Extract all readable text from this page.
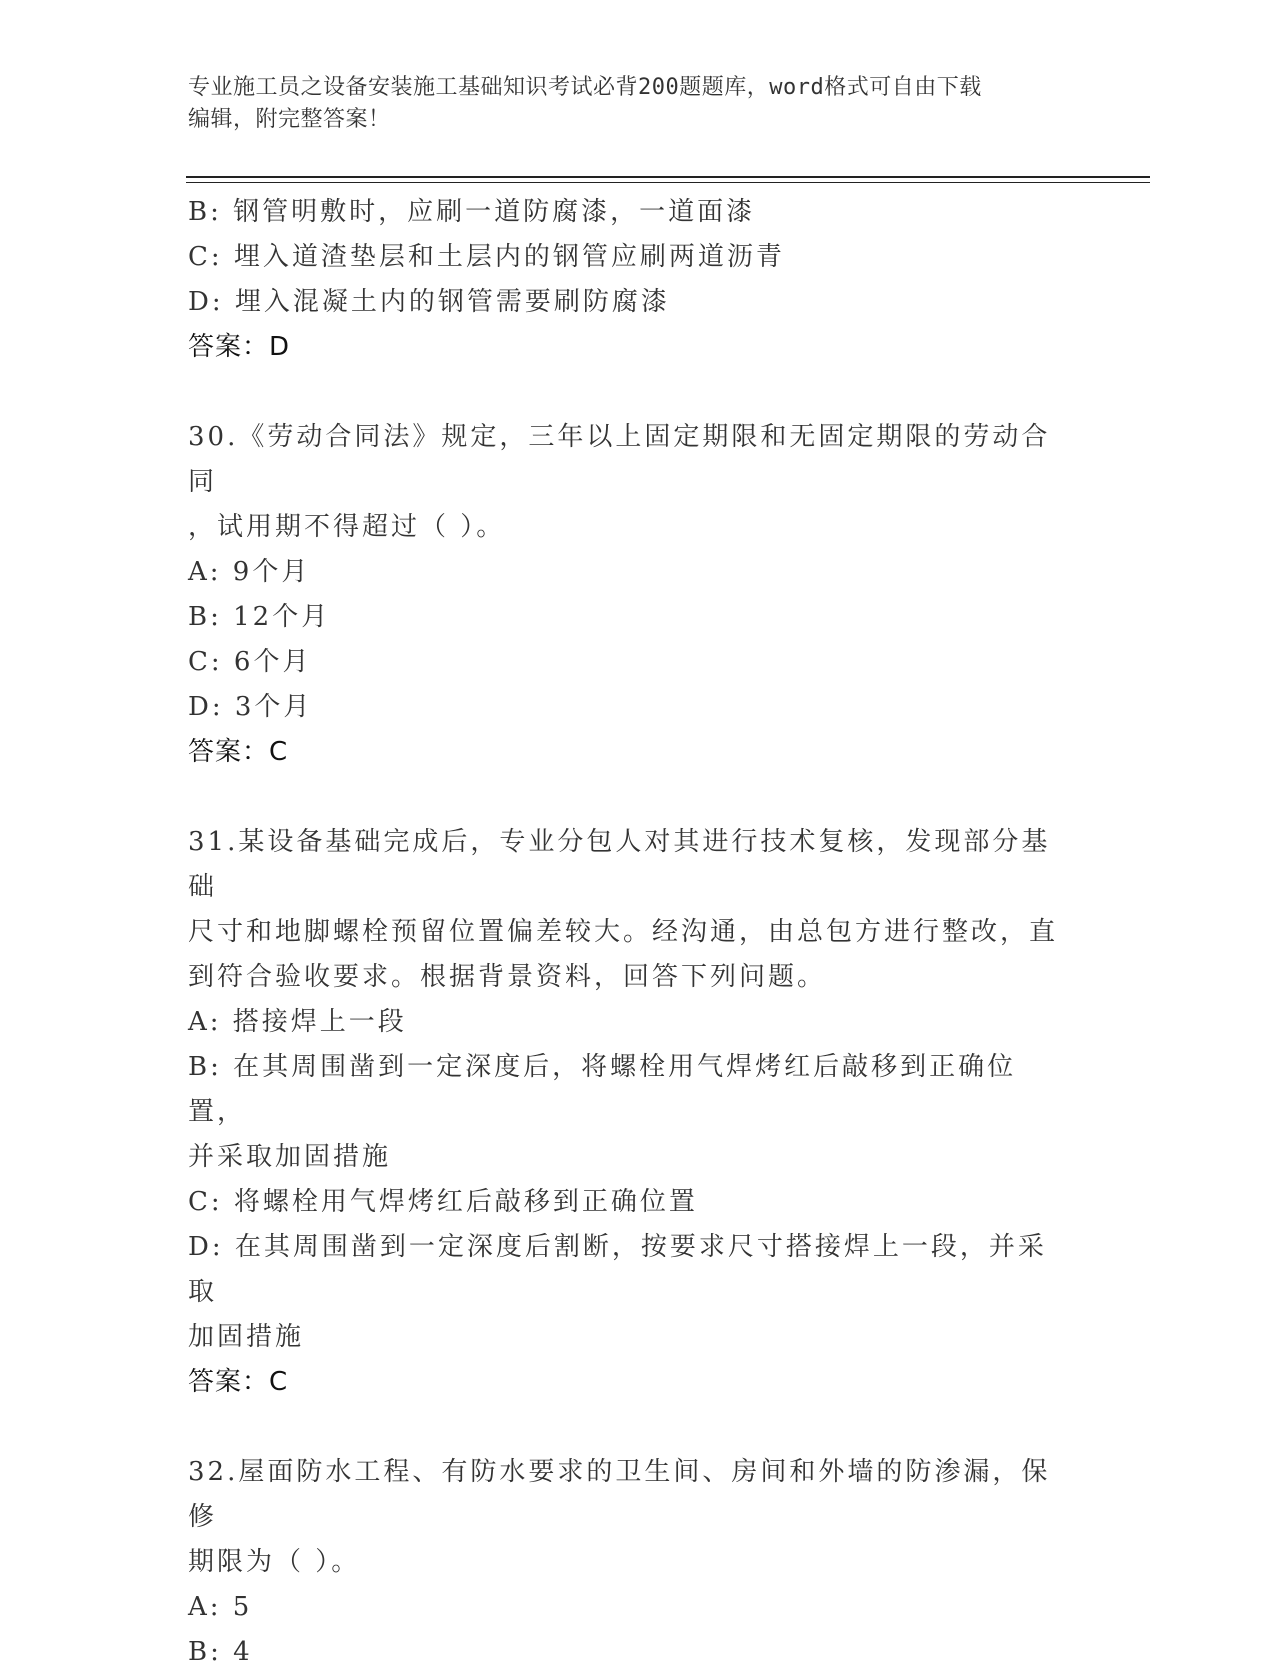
专业施工员之设备安装施工基础知识考试必背200题题库，word格式可自由下载
编辑，附完整答案！
B: 钢管明敷时，应刷一道防腐漆，一道面漆
C: 埋入道渣垫层和土层内的钢管应刷两道沥青
D: 埋入混凝土内的钢管需要刷防腐漆
答案：D
30.《劳动合同法》规定，三年以上固定期限和无固定期限的劳动合同
，试用期不得超过（ ）。
A: 9个月
B: 12个月
C: 6个月
D: 3个月
答案：C
31.某设备基础完成后，专业分包人对其进行技术复核，发现部分基础
尺寸和地脚螺栓预留位置偏差较大。经沟通，由总包方进行整改，直
到符合验收要求。根据背景资料，回答下列问题。
A: 搭接焊上一段
B: 在其周围凿到一定深度后，将螺栓用气焊烤红后敲移到正确位置，
并采取加固措施
C: 将螺栓用气焊烤红后敲移到正确位置
D: 在其周围凿到一定深度后割断，按要求尺寸搭接焊上一段，并采取
加固措施
答案：C
32.屋面防水工程、有防水要求的卫生间、房间和外墙的防渗漏，保修
期限为（ ）。
A: 5
B: 4
